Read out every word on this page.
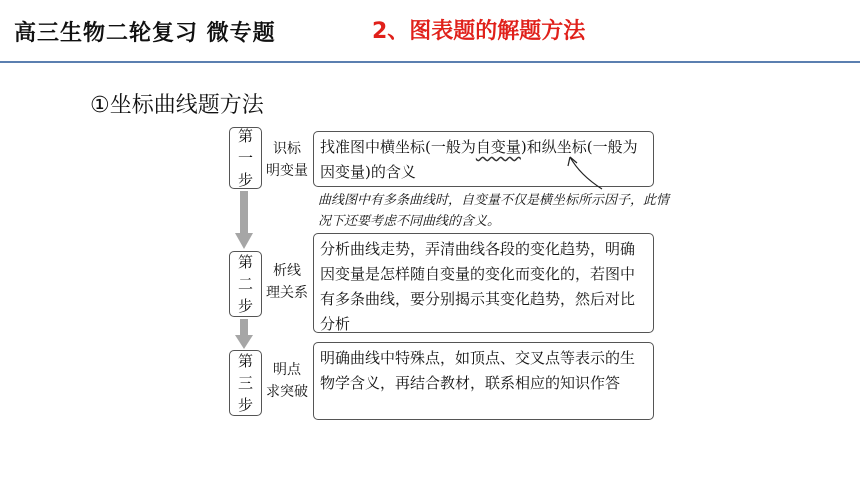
高三生物二轮复习 微专题	2、图表题的解题方法
①坐标曲线题方法
第
一
步
识标
明变量
找准图中横坐标(一般为自变量)和纵坐标(一般为因变量)的含义
曲线图中有多条曲线时，自变量不仅是横坐标所示因子，此情况下还要考虑不同曲线的含义。
第
二
步
析线
理关系
分析曲线走势，弄清曲线各段的变化趋势，明确因变量是怎样随自变量的变化而变化的，若图中有多条曲线，要分别揭示其变化趋势，然后对比分析
第
三
步
明点
求突破
明确曲线中特殊点，如顶点、交叉点等表示的生物学含义，再结合教材，联系相应的知识作答
